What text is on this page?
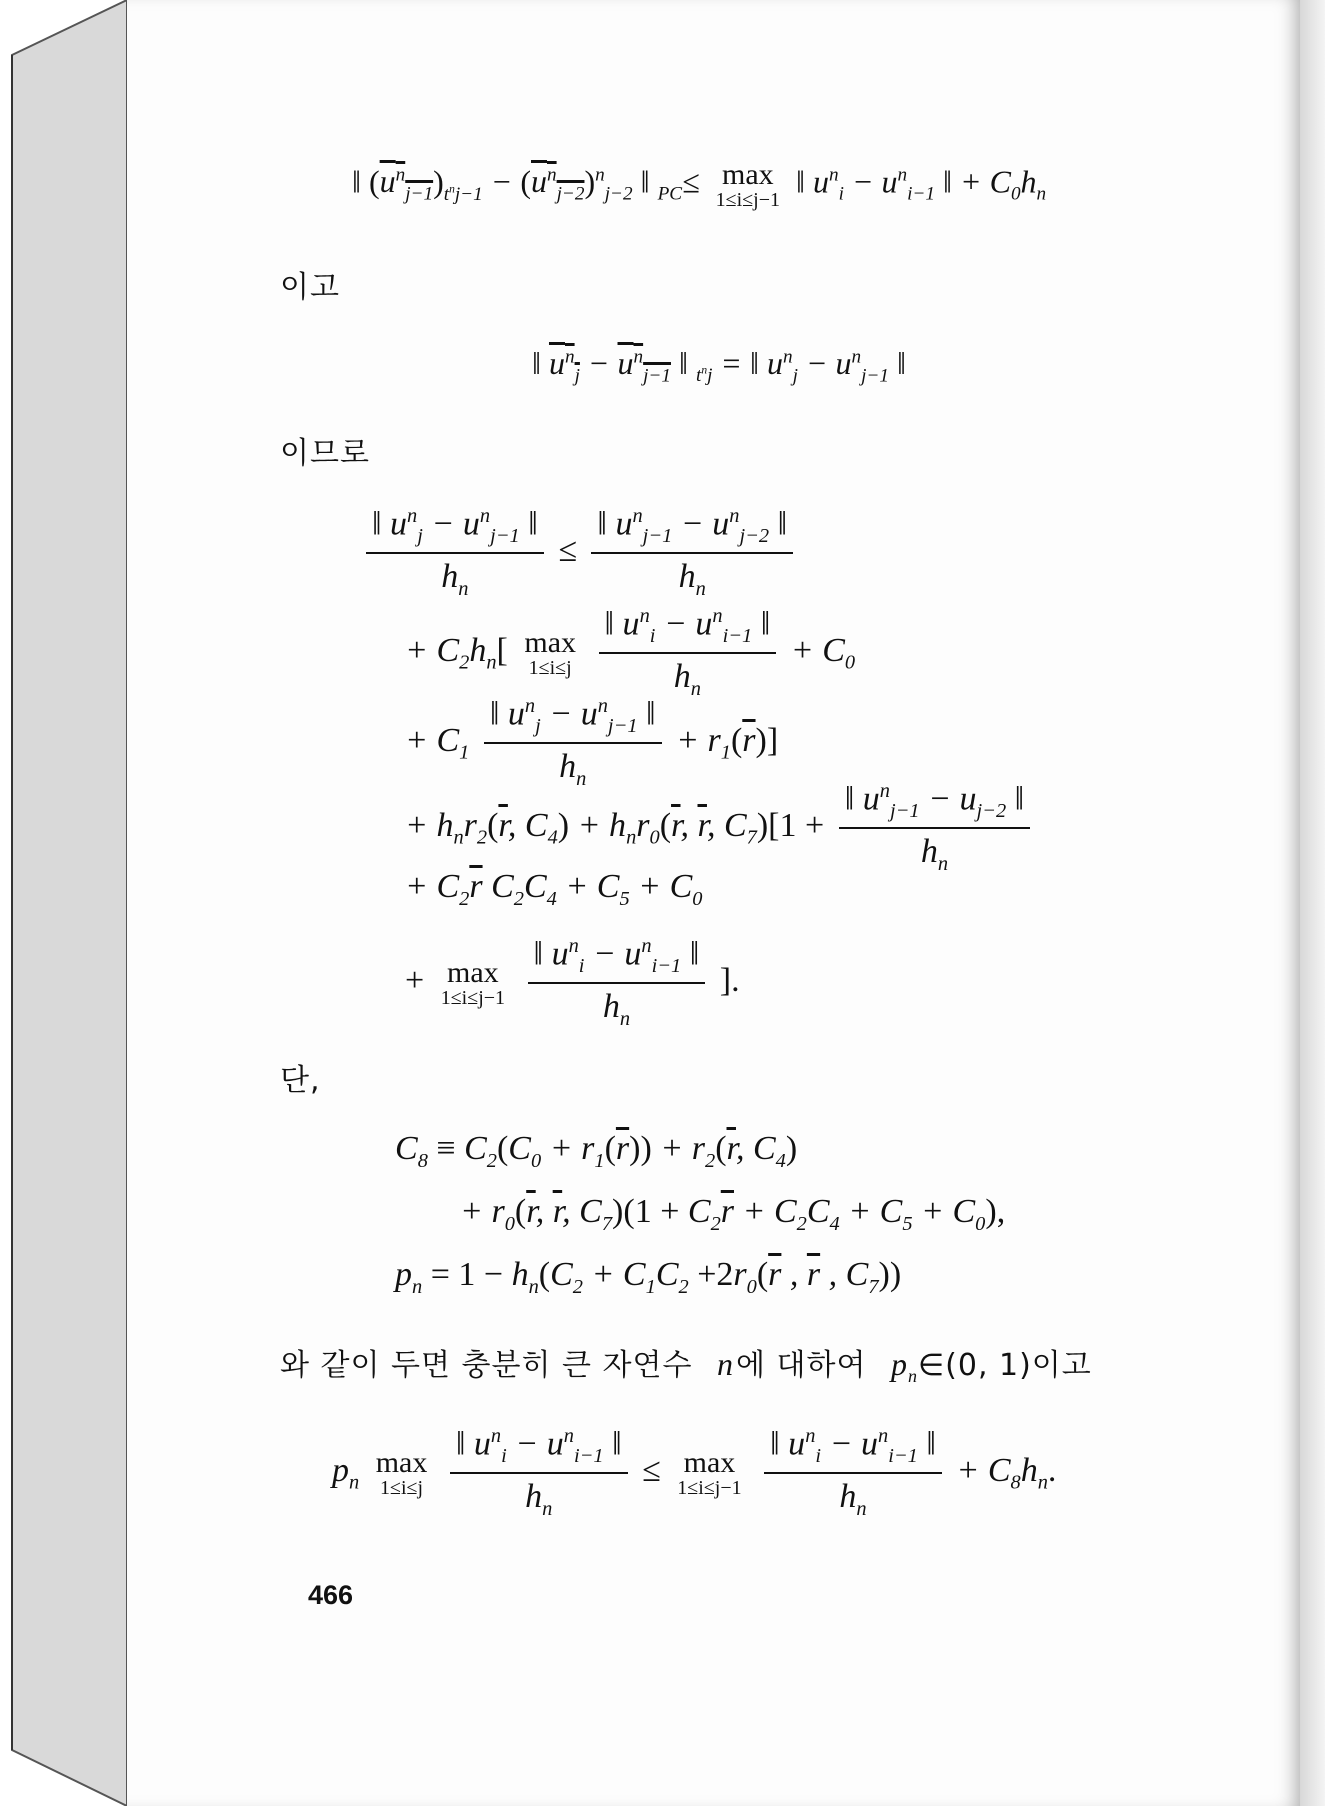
‖ $(u^n_{j-1})_{t^nj-1} - (u^n_{j-2})^n_{j-2}$ ‖ $_{PC}$≤ max
1≤i≤j−1
‖ $u^n_i - u^n_{i-1}$ ‖ + $C_0h_n$
이고
‖ $u^n_j - u^n_{j-1}$ ‖ $_{t^nj}$ = ‖ $u^n_j - u^n_{j-1}$ ‖
이므로
$\frac{‖ u^n_j - u^n_{j-1} ‖}{h_n} \le \frac{‖ u^n_{j-1} - u^n_{j-2} ‖}{h_n}$
+ $C_2h_n$[ max
1≤i≤j
$\frac{‖ u^n_i - u^n_{i-1} ‖}{h_n} + C_0$
+ $C_1 \frac{‖ u^n_j - u^n_{j-1} ‖}{h_n} + r_1(\overline{r})$]
+ $h_nr_2(\overline{r}$, $C_4) + h_nr_0(\overline{r}$, $\overline{r}$, $C_7)[1 + \frac{‖ u^n_{j-1} - u_{j-2} ‖}{h_n}$
+ $C_2\overline{r}$ $C_2C_4 + C_5 + C_0$
+ max
1≤i≤j−1
$\frac{‖ u^n_i - u^n_{i-1} ‖}{h_n}$ ].
단,
$C_8 \equiv C_2(C_0 + r_1(\overline{r})) + r_2(\overline{r}$, $C_4$)
+ $r_0(\overline{r}$, $\overline{r}$, $C_7)(1 + C_2\overline{r} + C_2C_4 + C_5 + C_0)$,
$p_n = 1 - h_n(C_2 + C_1C_2 +2r_0(\overline{r}$ , $\overline{r}$ , $C_7$))
와 같이 두면 충분히 큰 자연수 n에 대하여 $p_n\in(0$, 1)이고
$p_n$
max
1≤i≤j
$\frac{‖ u^n_i - u^n_{i-1} ‖}{h_n} \le \max$
1≤i≤j−1
$\frac{‖ u^n_i - u^n_{i-1} ‖}{h_n} + C_8h_n$.
466
